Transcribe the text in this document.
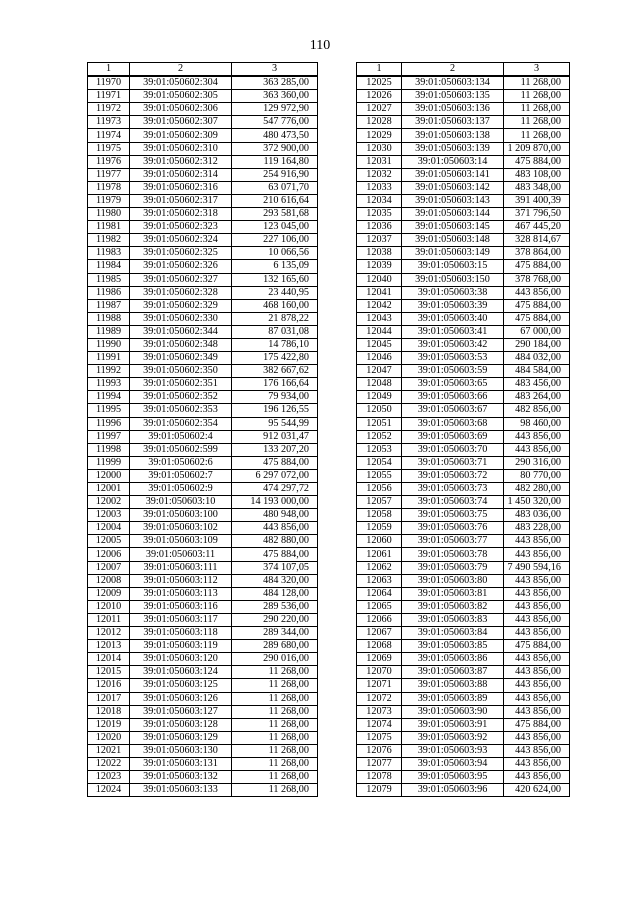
110
1	2	3
11970	39:01:050602:304	363 285,00
11971	39:01:050602:305	363 360,00
11972	39:01:050602:306	129 972,90
11973	39:01:050602:307	547 776,00
11974	39:01:050602:309	480 473,50
11975	39:01:050602:310	372 900,00
11976	39:01:050602:312	119 164,80
11977	39:01:050602:314	254 916,90
11978	39:01:050602:316	63 071,70
11979	39:01:050602:317	210 616,64
11980	39:01:050602:318	293 581,68
11981	39:01:050602:323	123 045,00
11982	39:01:050602:324	227 106,00
11983	39:01:050602:325	10 066,56
11984	39:01:050602:326	6 135,09
11985	39:01:050602:327	132 165,60
11986	39:01:050602:328	23 440,95
11987	39:01:050602:329	468 160,00
11988	39:01:050602:330	21 878,22
11989	39:01:050602:344	87 031,08
11990	39:01:050602:348	14 786,10
11991	39:01:050602:349	175 422,80
11992	39:01:050602:350	382 667,62
11993	39:01:050602:351	176 166,64
11994	39:01:050602:352	79 934,00
11995	39:01:050602:353	196 126,55
11996	39:01:050602:354	95 544,99
11997	39:01:050602:4	912 031,47
11998	39:01:050602:599	133 207,20
11999	39:01:050602:6	475 884,00
12000	39:01:050602:7	6 297 072,00
12001	39:01:050602:9	474 297,72
12002	39:01:050603:10	14 193 000,00
12003	39:01:050603:100	480 948,00
12004	39:01:050603:102	443 856,00
12005	39:01:050603:109	482 880,00
12006	39:01:050603:11	475 884,00
12007	39:01:050603:111	374 107,05
12008	39:01:050603:112	484 320,00
12009	39:01:050603:113	484 128,00
12010	39:01:050603:116	289 536,00
12011	39:01:050603:117	290 220,00
12012	39:01:050603:118	289 344,00
12013	39:01:050603:119	289 680,00
12014	39:01:050603:120	290 016,00
12015	39:01:050603:124	11 268,00
12016	39:01:050603:125	11 268,00
12017	39:01:050603:126	11 268,00
12018	39:01:050603:127	11 268,00
12019	39:01:050603:128	11 268,00
12020	39:01:050603:129	11 268,00
12021	39:01:050603:130	11 268,00
12022	39:01:050603:131	11 268,00
12023	39:01:050603:132	11 268,00
12024	39:01:050603:133	11 268,00
1	2	3
12025	39:01:050603:134	11 268,00
12026	39:01:050603:135	11 268,00
12027	39:01:050603:136	11 268,00
12028	39:01:050603:137	11 268,00
12029	39:01:050603:138	11 268,00
12030	39:01:050603:139	1 209 870,00
12031	39:01:050603:14	475 884,00
12032	39:01:050603:141	483 108,00
12033	39:01:050603:142	483 348,00
12034	39:01:050603:143	391 400,39
12035	39:01:050603:144	371 796,50
12036	39:01:050603:145	467 445,20
12037	39:01:050603:148	328 814,67
12038	39:01:050603:149	378 864,00
12039	39:01:050603:15	475 884,00
12040	39:01:050603:150	378 768,00
12041	39:01:050603:38	443 856,00
12042	39:01:050603:39	475 884,00
12043	39:01:050603:40	475 884,00
12044	39:01:050603:41	67 000,00
12045	39:01:050603:42	290 184,00
12046	39:01:050603:53	484 032,00
12047	39:01:050603:59	484 584,00
12048	39:01:050603:65	483 456,00
12049	39:01:050603:66	483 264,00
12050	39:01:050603:67	482 856,00
12051	39:01:050603:68	98 460,00
12052	39:01:050603:69	443 856,00
12053	39:01:050603:70	443 856,00
12054	39:01:050603:71	290 316,00
12055	39:01:050603:72	80 770,00
12056	39:01:050603:73	482 280,00
12057	39:01:050603:74	1 450 320,00
12058	39:01:050603:75	483 036,00
12059	39:01:050603:76	483 228,00
12060	39:01:050603:77	443 856,00
12061	39:01:050603:78	443 856,00
12062	39:01:050603:79	7 490 594,16
12063	39:01:050603:80	443 856,00
12064	39:01:050603:81	443 856,00
12065	39:01:050603:82	443 856,00
12066	39:01:050603:83	443 856,00
12067	39:01:050603:84	443 856,00
12068	39:01:050603:85	475 884,00
12069	39:01:050603:86	443 856,00
12070	39:01:050603:87	443 856,00
12071	39:01:050603:88	443 856,00
12072	39:01:050603:89	443 856,00
12073	39:01:050603:90	443 856,00
12074	39:01:050603:91	475 884,00
12075	39:01:050603:92	443 856,00
12076	39:01:050603:93	443 856,00
12077	39:01:050603:94	443 856,00
12078	39:01:050603:95	443 856,00
12079	39:01:050603:96	420 624,00
